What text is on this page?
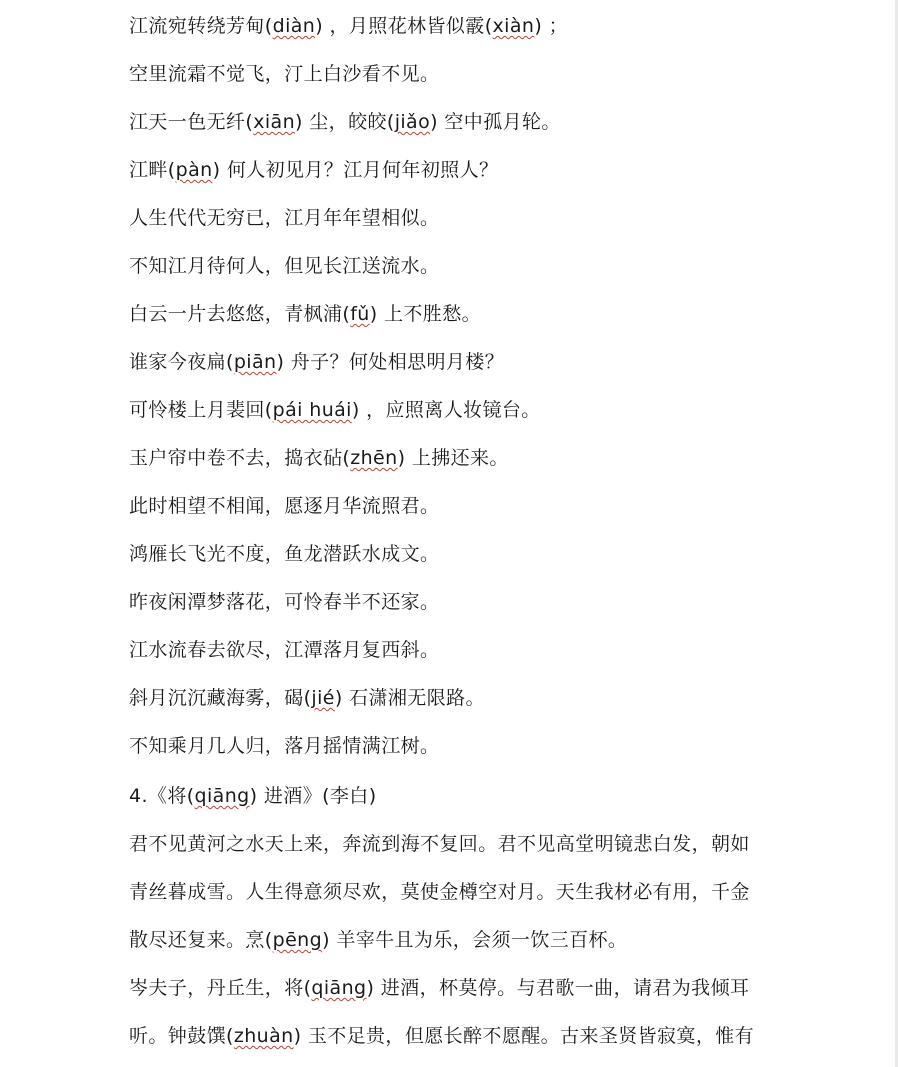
江流宛转绕芳甸(diàn) ，月照花林皆似霰(xiàn) ；

空里流霜不觉飞，汀上白沙看不见。

江天一色无纤(xiān) 尘，皎皎(jiǎo) 空中孤月轮。

江畔(pàn) 何人初见月？江月何年初照人？

人生代代无穷已，江月年年望相似。

不知江月待何人，但见长江送流水。

白云一片去悠悠，青枫浦(fǔ) 上不胜愁。

谁家今夜扁(piān) 舟子？何处相思明月楼？

可怜楼上月裴回(pái huái) ，应照离人妆镜台。

玉户帘中卷不去，捣衣砧(zhēn) 上拂还来。

此时相望不相闻，愿逐月华流照君。

鸿雁长飞光不度，鱼龙潜跃水成文。

昨夜闲潭梦落花，可怜春半不还家。

江水流春去欲尽，江潭落月复西斜。

斜月沉沉藏海雾，碣(jié) 石潇湘无限路。

不知乘月几人归，落月摇情满江树。

4.《将(qiāng) 进酒》(李白)

君不见黄河之水天上来，奔流到海不复回。君不见高堂明镜悲白发，朝如

青丝暮成雪。人生得意须尽欢，莫使金樽空对月。天生我材必有用，千金

散尽还复来。烹(pēng) 羊宰牛且为乐，会须一饮三百杯。

岑夫子，丹丘生，将(qiāng) 进酒，杯莫停。与君歌一曲，请君为我倾耳

听。钟鼓馔(zhuàn) 玉不足贵，但愿长醉不愿醒。古来圣贤皆寂寞，惟有
